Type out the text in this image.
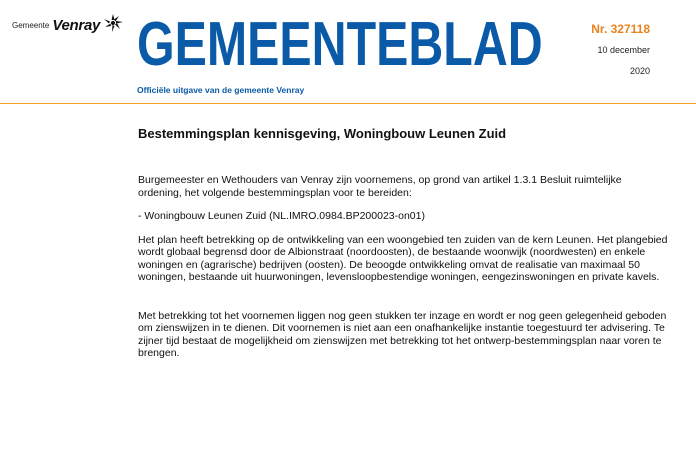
Gemeente Venray GEMEENTEBLAD
Officiële uitgave van de gemeente Venray
Nr. 327118
10 december
2020
Bestemmingsplan kennisgeving, Woningbouw Leunen Zuid

Burgemeester en Wethouders van Venray zijn voornemens, op grond van artikel 1.3.1 Besluit ruimtelijke ordening, het volgende bestemmingsplan voor te bereiden:

- Woningbouw Leunen Zuid (NL.IMRO.0984.BP200023-on01)

Het plan heeft betrekking op de ontwikkeling van een woongebied ten zuiden van de kern Leunen. Het plangebied wordt globaal begrensd door de Albionstraat (noordoosten), de bestaande woonwijk (noordwesten) en enkele woningen en (agrarische) bedrijven (oosten). De beoogde ontwikkeling omvat de realisatie van maximaal 50 woningen, bestaande uit huurwoningen, levensloopbestendige woningen, eengezinswoningen en private kavels.

Met betrekking tot het voornemen liggen nog geen stukken ter inzage en wordt er nog geen gelegenheid geboden om zienswijzen in te dienen. Dit voornemen is niet aan een onafhankelijke instantie toegestuurd ter advisering. Te zijner tijd bestaat de mogelijkheid om zienswijzen met betrekking tot het ontwerp-bestemmingsplan naar voren te brengen.
